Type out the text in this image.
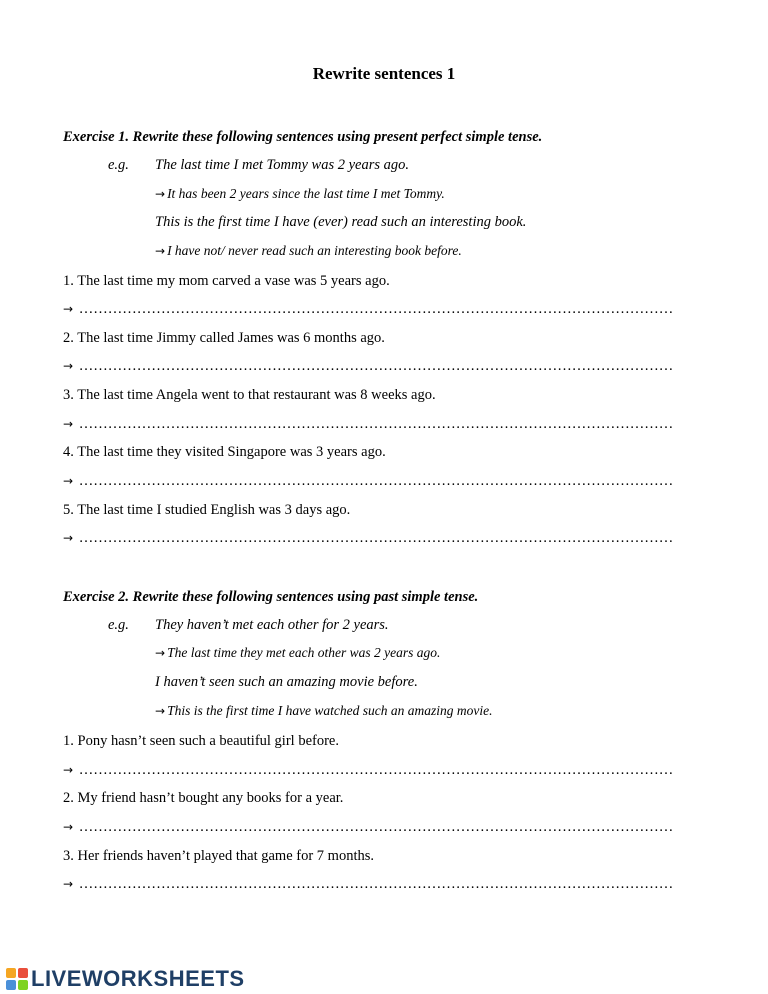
Rewrite sentences 1
Exercise 1. Rewrite these following sentences using present perfect simple tense.
e.g. The last time I met Tommy was 2 years ago.
→ It has been 2 years since the last time I met Tommy.
This is the first time I have (ever) read such an interesting book.
→ I have not/ never read such an interesting book before.
1. The last time my mom carved a vase was 5 years ago.
→ ……………………………………………………………………………………………………………
2. The last time Jimmy called James was 6 months ago.
→ ……………………………………………………………………………………………………………
3. The last time Angela went to that restaurant was 8 weeks ago.
→ ……………………………………………………………………………………………………………
4. The last time they visited Singapore was 3 years ago.
→ ……………………………………………………………………………………………………………
5. The last time I studied English was 3 days ago.
→ ……………………………………………………………………………………………………………
Exercise 2. Rewrite these following sentences using past simple tense.
e.g. They haven’t met each other for 2 years.
→ The last time they met each other was 2 years ago.
I haven’t seen such an amazing movie before.
→ This is the first time I have watched such an amazing movie.
1. Pony hasn’t seen such a beautiful girl before.
→ ……………………………………………………………………………………………………………
2. My friend hasn’t bought any books for a year.
→ ……………………………………………………………………………………………………………
3. Her friends haven’t played that game for 7 months.
→ ……………………………………………………………………………………………………………
LIVEWORKSHEETS
